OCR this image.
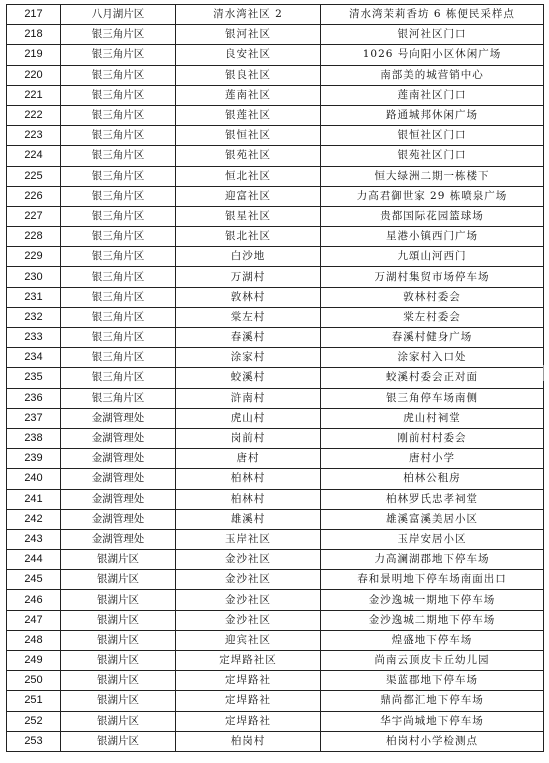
217	八月湖片区	清水湾社区 2	清水湾茉莉香坊 6 栋便民采样点
218	银三角片区	银河社区	银河社区门口
219	银三角片区	良安社区	1026 号向阳小区休闲广场
220	银三角片区	银良社区	南部美的城营销中心
221	银三角片区	莲南社区	莲南社区门口
222	银三角片区	银莲社区	路通城邦休闲广场
223	银三角片区	银恒社区	银恒社区门口
224	银三角片区	银苑社区	银苑社区门口
225	银三角片区	恒北社区	恒大绿洲二期一栋楼下
226	银三角片区	迎富社区	力高君御世家 29 栋喷泉广场
227	银三角片区	银星社区	贵都国际花园篮球场
228	银三角片区	银北社区	星港小镇西门广场
229	银三角片区	白沙地	九頌山河西门
230	银三角片区	万湖村	万湖村集贸市场停车场
231	银三角片区	敦林村	敦林村委会
232	银三角片区	棠左村	棠左村委会
233	银三角片区	春溪村	春溪村健身广场
234	银三角片区	涂家村	涂家村入口处
235	银三角片区	蛟溪村	蛟溪村委会正对面
236	银三角片区	浒南村	银三角停车场南侧
237	金湖管理处	虎山村	虎山村祠堂
238	金湖管理处	岗前村	刚前村村委会
239	金湖管理处	唐村	唐村小学
240	金湖管理处	柏林村	柏林公租房
241	金湖管理处	柏林村	柏林罗氏忠孝祠堂
242	金湖管理处	雄溪村	雄溪富溪美居小区
243	金湖管理处	玉岸社区	玉岸安居小区
244	银湖片区	金沙社区	力高澜湖郡地下停车场
245	银湖片区	金沙社区	春和景明地下停车场南面出口
246	银湖片区	金沙社区	金沙逸城一期地下停车场
247	银湖片区	金沙社区	金沙逸城二期地下停车场
248	银湖片区	迎宾社区	煌盛地下停车场
249	银湖片区	定垾路社区	尚南云顶皮卡丘幼儿园
250	银湖片区	定垾路社	渠蓝郡地下停车场
251	银湖片区	定垾路社	鼎尚都汇地下停车场
252	银湖片区	定垾路社	华宇尚城地下停车场
253	银湖片区	柏岗村	柏岗村小学检测点
